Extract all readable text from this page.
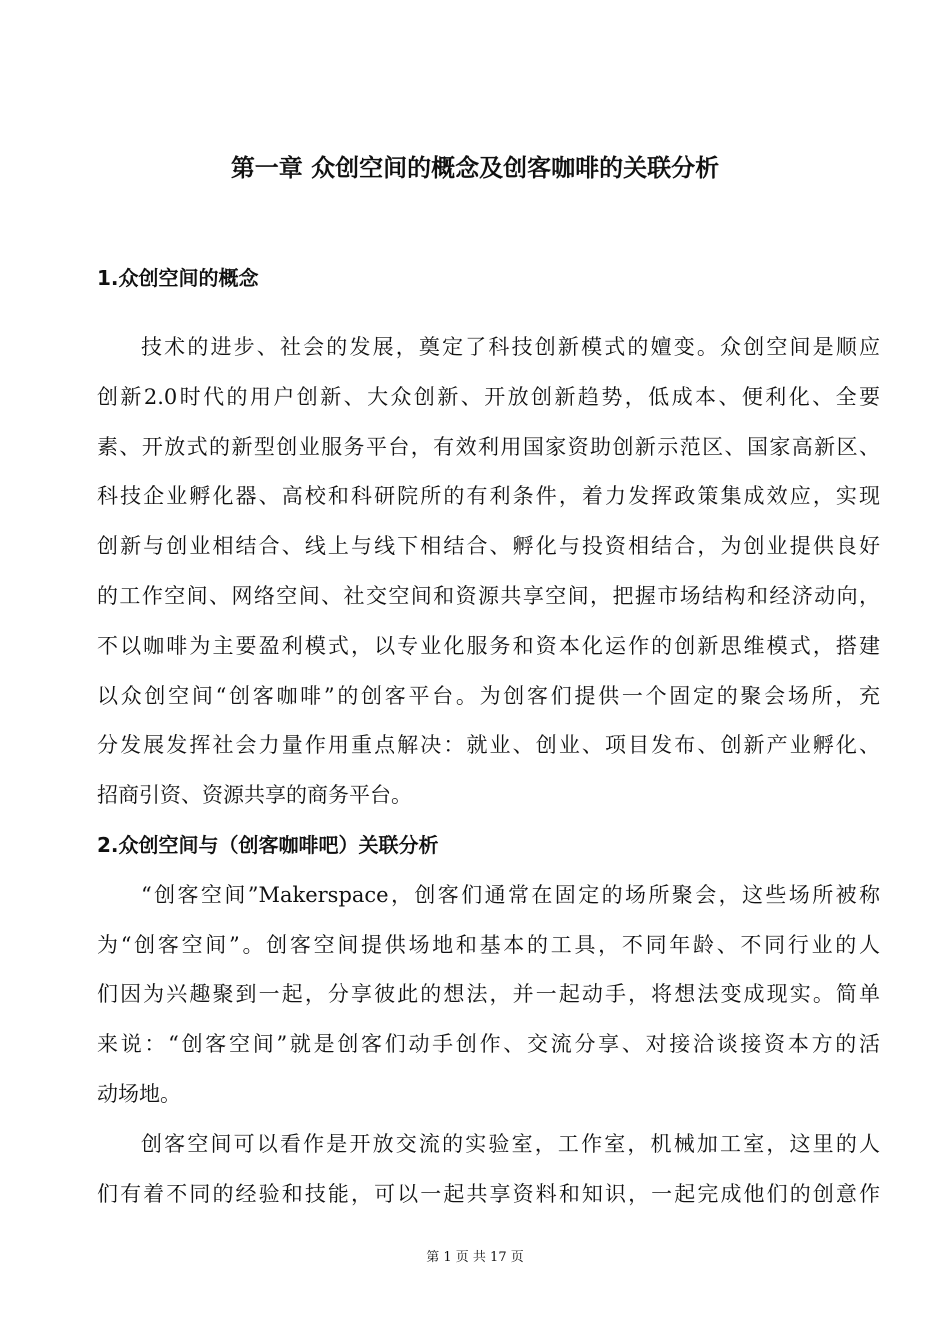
第一章 众创空间的概念及创客咖啡的关联分析
1.众创空间的概念
技术的进步、社会的发展，奠定了科技创新模式的嬗变。众创空间是顺应
创新2.0时代的用户创新、大众创新、开放创新趋势，低成本、便利化、全要
素、开放式的新型创业服务平台，有效利用国家资助创新示范区、国家高新区、
科技企业孵化器、高校和科研院所的有利条件，着力发挥政策集成效应，实现
创新与创业相结合、线上与线下相结合、孵化与投资相结合，为创业提供良好
的工作空间、网络空间、社交空间和资源共享空间，把握市场结构和经济动向，
不以咖啡为主要盈利模式，以专业化服务和资本化运作的创新思维模式，搭建
以众创空间“创客咖啡”的创客平台。为创客们提供一个固定的聚会场所，充
分发展发挥社会力量作用重点解决：就业、创业、项目发布、创新产业孵化、
招商引资、资源共享的商务平台。
2.众创空间与（创客咖啡吧）关联分析
“创客空间”Makerspace，创客们通常在固定的场所聚会，这些场所被称
为“创客空间”。创客空间提供场地和基本的工具，不同年龄、不同行业的人
们因为兴趣聚到一起，分享彼此的想法，并一起动手，将想法变成现实。简单
来说：“创客空间”就是创客们动手创作、交流分享、对接洽谈接资本方的活
动场地。
创客空间可以看作是开放交流的实验室，工作室，机械加工室，这里的人
们有着不同的经验和技能，可以一起共享资料和知识，一起完成他们的创意作
第 1 页 共 17 页
